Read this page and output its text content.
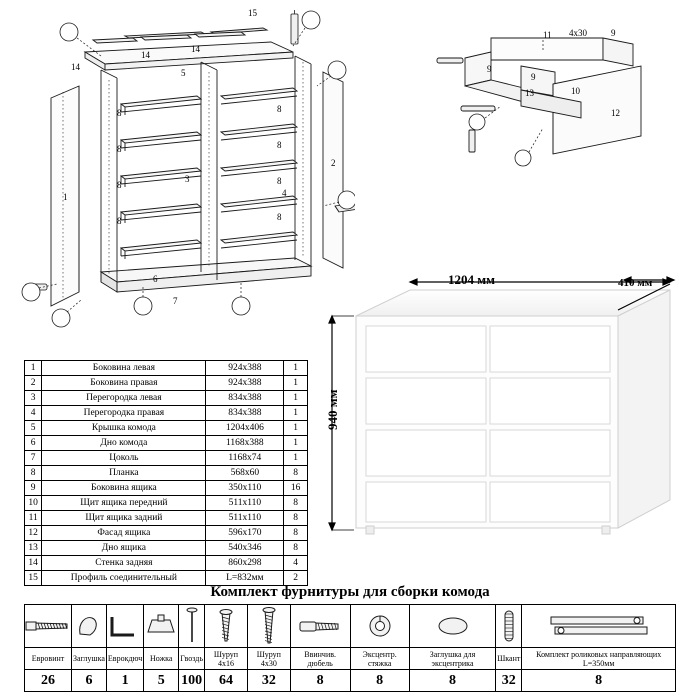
15
14
14
14
5
1
2
3
4
6
7
8
8
8
8
8
8
8
8
11	9
9
9
13	10
12
4х30
1204 мм	410 мм
940 мм
1	Боковина левая	924х388	1
2	Боковина правая	924х388	1
3	Перегородка левая	834х388	1
4	Перегородка правая	834х388	1
5	Крышка комода	1204х406	1
6	Дно комода	1168х388	1
7	Цоколь	1168х74	1
8	Планка	568х60	8
9	Боковина ящика	350х110	16
10	Щит ящика передний	511х110	8
11	Щит ящика задний	511х110	8
12	Фасад ящика	596х170	8
13	Дно ящика	540х346	8
14	Стенка задняя	860х298	4
15	Профиль соединительный	L=832мм	2
Комплект фурнитуры для сборки комода

Евровинт	Заглушка	Еврокдюч	Ножка	Гвоздь	Шуруп 4х16	Шуруп 4х30	Ввинчив. дюбель	Эксцентр. стяжка	Заглушка для эксцентрика	Шкант	Комплект роликовых направляющих L=350мм
26	6	1	5	100	64	32	8	8	8	32	8
